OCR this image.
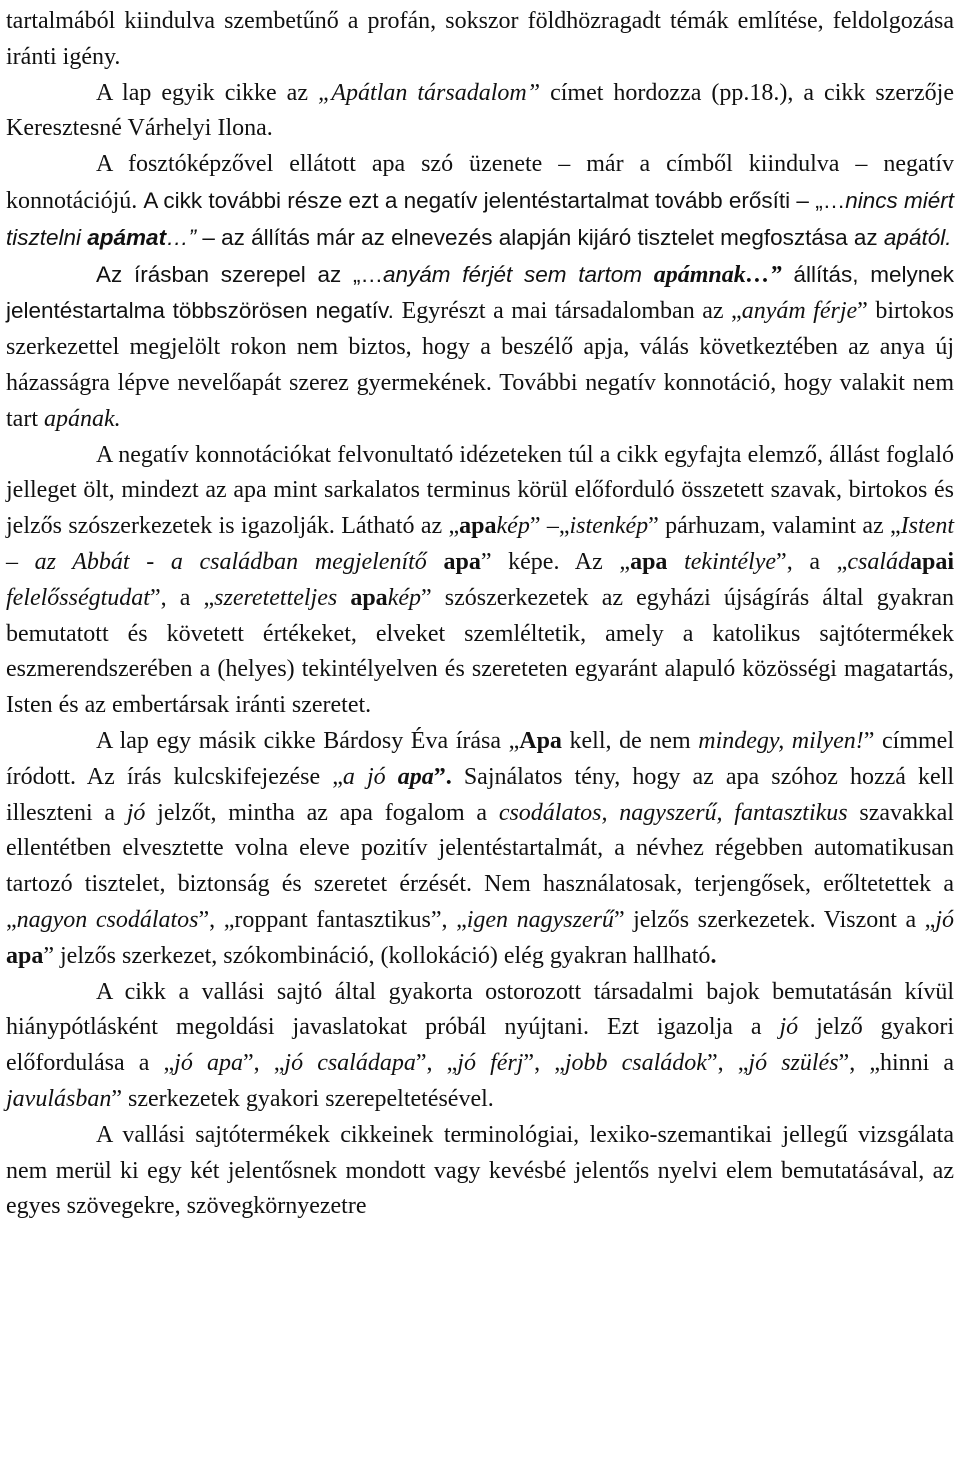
tartalmából kiindulva szembetűnő a profán, sokszor földhözragadt témák említése, feldolgozása iránti igény.

A lap egyik cikke az „Apátlan társadalom” címet hordozza (pp.18.), a cikk szerzője Keresztesné Várhelyi Ilona.

A fosztóképzővel ellátott apa szó üzenete – már a címből kiindulva – negatív konnotációjú. A cikk további része ezt a negatív jelentéstartalmat tovább erősíti – „…nincs miért tisztelni apámat…” – az állítás már az elnevezés alapján kijáró tisztelet megfosztása az apától.

Az írásban szerepel az „…anyám férjét sem tartom apámnak…” állítás, melynek jelentéstartalma többszörösen negatív. Egyrészt a mai társadalomban az „anyám férje” birtokos szerkezettel megjelölt rokon nem biztos, hogy a beszélő apja, válás következtében az anya új házasságra lépve nevelőapát szerez gyermekének. További negatív konnotáció, hogy valakit nem tart apának.

A negatív konnotációkat felvonultató idézeteken túl a cikk egyfajta elemző, állást foglaló jelleget ölt, mindezt az apa mint sarkalatos terminus körül előforduló összetett szavak, birtokos és jelzős szószerkezetek is igazolják. Látható az „apakép” –„istenkép” párhuzam, valamint az „Istent – az Abbát - a családban megjelenítő apa” képe. Az „apa tekintélye”, a „családapai felelősségtudat”, a „szeretetteljes apakép” szószerkezetek az egyházi újságírás által gyakran bemutatott és követett értékeket, elveket szemléltetik, amely a katolikus sajtótermékek eszmerendszerében a (helyes) tekintélyelven és szereteten egyaránt alapuló közösségi magatartás, Isten és az embertársak iránti szeretet.

A lap egy másik cikke Bárdosy Éva írása „Apa kell, de nem mindegy, milyen!” címmel íródott. Az írás kulcskifejezése „a jó apa”. Sajnálatos tény, hogy az apa szóhoz hozzá kell illeszteni a jó jelzőt, mintha az apa fogalom a csodálatos, nagyszerű, fantasztikus szavakkal ellentétben elvesztette volna eleve pozitív jelentéstartalmát, a névhez régebben automatikusan tartozó tisztelet, biztonság és szeretet érzését. Nem használatosak, terjengősek, erőltetettek a „nagyon csodálatos”, „roppant fantasztikus”, „igen nagyszerű” jelzős szerkezetek. Viszont a „jó apa” jelzős szerkezet, szókombináció, (kollokáció) elég gyakran hallható.

A cikk a vallási sajtó által gyakorta ostorozott társadalmi bajok bemutatásán kívül hiánypótlásként megoldási javaslatokat próbál nyújtani. Ezt igazolja a jó jelző gyakori előfordulása a „jó apa”, „jó családapa”, „jó férj”, „jobb családok”, „jó szülés”, „hinni a javulásban” szerkezetek gyakori szerepeltetésével.

A vallási sajtótermékek cikkeinek terminológiai, lexiko-szemantikai jellegű vizsgálata nem merül ki egy két jelentősnek mondott vagy kevésbé jelentős nyelvi elem bemutatásával, az egyes szövegekre, szövegkörnyezetre
